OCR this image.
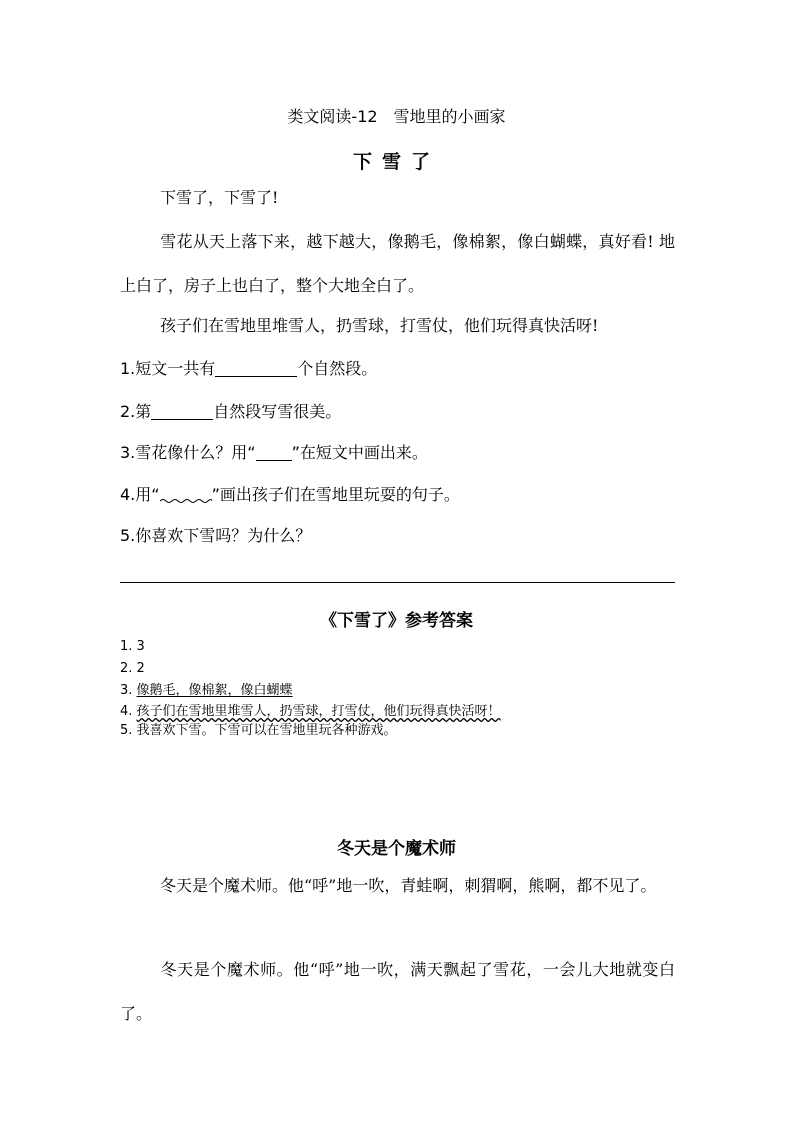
类文阅读-12　雪地里的小画家
下雪了
下雪了，下雪了!
雪花从天上落下来，越下越大，像鹅毛，像棉絮，像白蝴蝶，真好看! 地上白了，房子上也白了，整个大地全白了。
孩子们在雪地里堆雪人，扔雪球，打雪仗，他们玩得真快活呀!
1.短文一共有	个自然段。
2.第	自然段写雪很美。
3.雪花像什么？用“ ”在短文中画出来。
4.用“	”画出孩子们在雪地里玩耍的句子。
5.你喜欢下雪吗？为什么？
《下雪了》参考答案
1. 3
2. 2
3. 像鹅毛，像棉絮，像白蝴蝶
4. 孩子们在雪地里堆雪人，扔雪球，打雪仗，他们玩得真快活呀！
5. 我喜欢下雪。下雪可以在雪地里玩各种游戏。
冬天是个魔术师
冬天是个魔术师。他“呼”地一吹，青蛙啊，刺猬啊，熊啊，都不见了。
冬天是个魔术师。他“呼”地一吹，满天飘起了雪花，一会儿大地就变白了。
